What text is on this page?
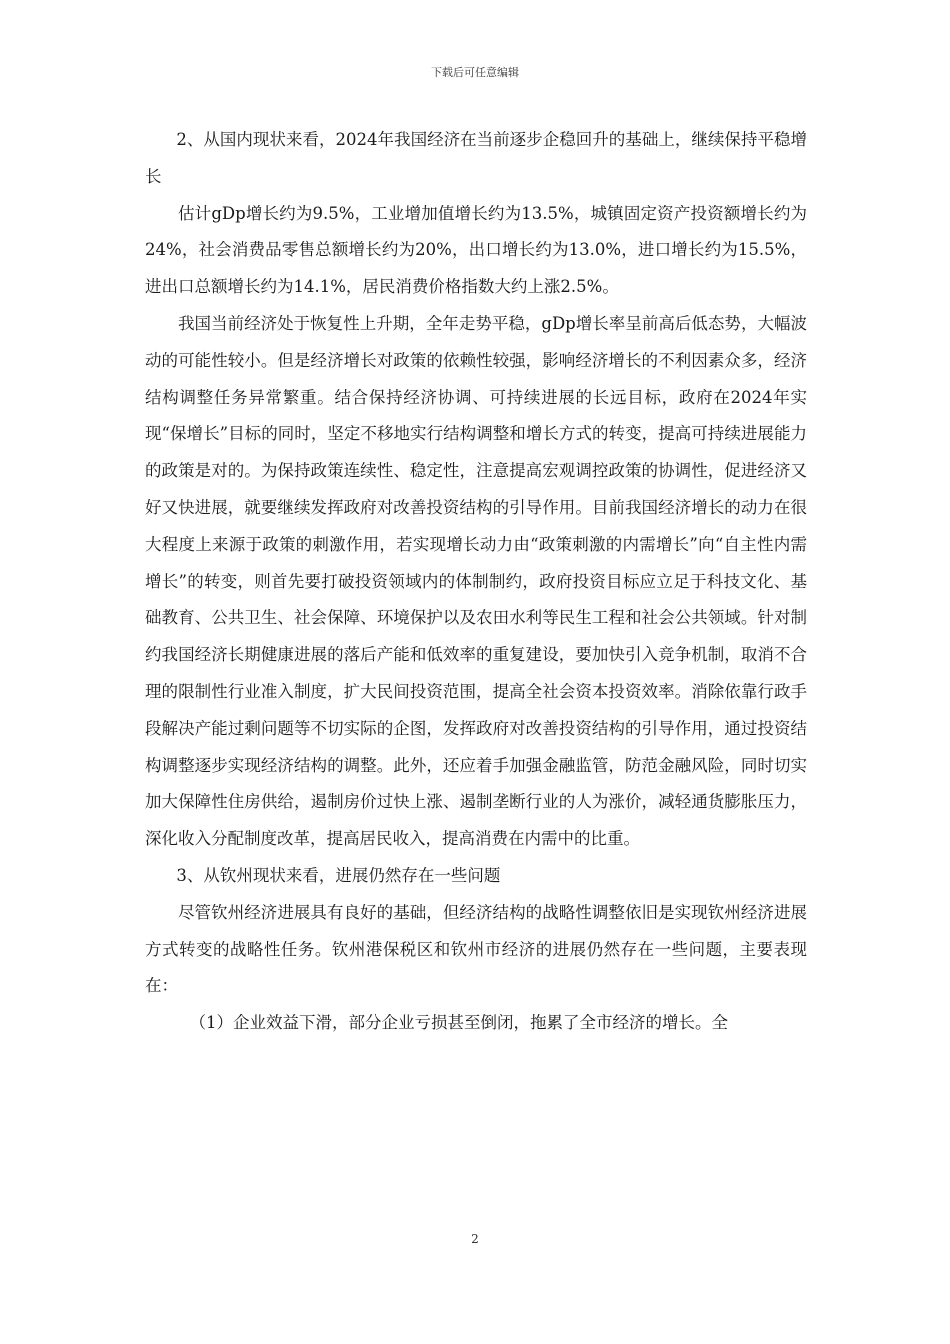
下载后可任意编辑

2、从国内现状来看，2024年我国经济在当前逐步企稳回升的基础上，继续保持平稳增长

估计gDp增长约为9.5%，工业增加值增长约为13.5%，城镇固定资产投资额增长约为24%，社会消费品零售总额增长约为20%，出口增长约为13.0%，进口增长约为15.5%，进出口总额增长约为14.1%，居民消费价格指数大约上涨2.5%。

我国当前经济处于恢复性上升期，全年走势平稳，gDp增长率呈前高后低态势，大幅波动的可能性较小。但是经济增长对政策的依赖性较强，影响经济增长的不利因素众多，经济结构调整任务异常繁重。结合保持经济协调、可持续进展的长远目标，政府在2024年实现“保增长”目标的同时，坚定不移地实行结构调整和增长方式的转变，提高可持续进展能力的政策是对的。为保持政策连续性、稳定性，注意提高宏观调控政策的协调性，促进经济又好又快进展，就要继续发挥政府对改善投资结构的引导作用。目前我国经济增长的动力在很大程度上来源于政策的刺激作用，若实现增长动力由“政策刺激的内需增长”向“自主性内需增长”的转变，则首先要打破投资领域内的体制制约，政府投资目标应立足于科技文化、基础教育、公共卫生、社会保障、环境保护以及农田水利等民生工程和社会公共领域。针对制约我国经济长期健康进展的落后产能和低效率的重复建设，要加快引入竞争机制，取消不合理的限制性行业准入制度，扩大民间投资范围，提高全社会资本投资效率。消除依靠行政手段解决产能过剩问题等不切实际的企图，发挥政府对改善投资结构的引导作用，通过投资结构调整逐步实现经济结构的调整。此外，还应着手加强金融监管，防范金融风险，同时切实加大保障性住房供给，遏制房价过快上涨、遏制垄断行业的人为涨价，减轻通货膨胀压力，深化收入分配制度改革，提高居民收入，提高消费在内需中的比重。

3、从钦州现状来看，进展仍然存在一些问题

尽管钦州经济进展具有良好的基础，但经济结构的战略性调整依旧是实现钦州经济进展方式转变的战略性任务。钦州港保税区和钦州市经济的进展仍然存在一些问题，主要表现在：

（1）企业效益下滑，部分企业亏损甚至倒闭，拖累了全市经济的增长。全

2
